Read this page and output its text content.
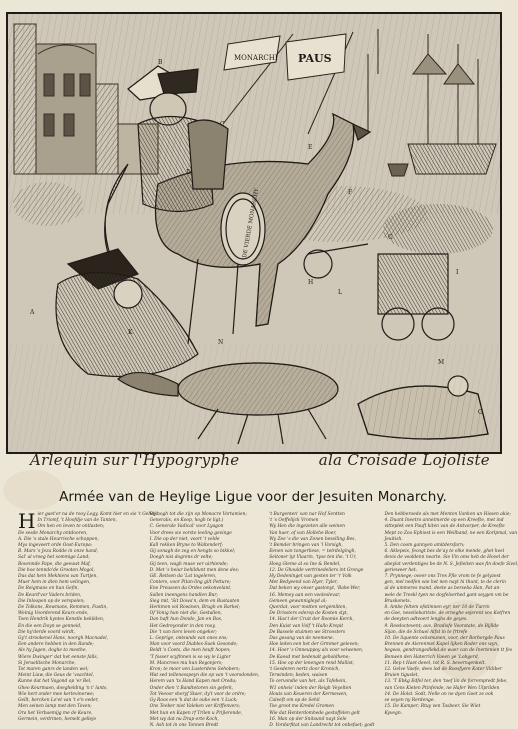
MONARCHI PAUS
DE VIERDE MONARCHY
A
B
C
D
E
F
G
H
I
K
L
M
N
O
Arlequin sur l'Hypogryphe	ala Croisade Lojoliste
Armée van de Heylige Ligue voor der Jesuiten Monarchy.
H ier gaet'er na de rooy Legy, Komt hier en sie 't Geheyl,

In Triomf, 't Hoofdje van de Tanten,

Om hen en leven te ontlasten;

De sesde Monarchy ontdooren,

A. Die 's stale Heurrische schoppen,

Mys ingevoert orde Oost-Europa:

B. Mars 's Jezu Rodde in onze hand,

Sal' al vroeg het sommige Land;

Bovennde Pape, die geeuwt Maf,

Die hoe tenndo'de Grooten Mogol,

Dus dat hem Mekhiens van Turtjen,

Muer hem in dien hem velingen,

De Reigmans en hun Gefin,

De Keurd'vor Vaders briden,

Die Inloopen op de verspolen;

De Tolkons, Rowmans, Remmen, Fustin,

Weinig Voorderend Keurs ende,

Toen Hendrik kyntes Kenstle bekilden,

En die een Doyn se genneid,

Die hy'derde voord wirdt,

Gy't strookenel Hans, noorgh Macnadel,

Een andere hebben in den Rande;

Als hy Jagen, doghe to mesthe,

Wiere Dwinger' dat het eenste falls,

Si Jeruelitsche Monarche,

Tot maren ganrs de landen wel;

Meint Liaw, die Geus de 'vsachtel,

Kunne dat het Vagond op 'er Bel,

Gheo Keurmaen, doeghelding 'n t' lants,

Wie hert onder mee kerlevinerwe;

Gellt, bercken Le'et van 't e'n eeder,

Men seinen lamp met den Toven;

Ora het Verbaemijg me de Keure,

Germein, verdrinen, hemelt gelleje

Bij nogh tot die zijn op Monacre Vortamien;

Generalis, en Koop, hogh te ligt.)

C. Generale Vadical' voor Lyagon

Voor drees sie vorste leeling gevinge

I. Die op der niet, voort 't velde

Kall rekken Bryne to Waltenderf;

Gij sonagh de zeg en hengts so bikkel;

Doegh nisi dogrens dr velte;

Gij teen, wagh muse ver uirhiende;

D. Met 's heiur behildunt men dene des;

GE. Reitsen da 'Lst togeleren,

Conters, voor Pitan-ling gilt Petture;

Ene Preussen da Ordes oekonvelant,

Sallen ineengens handlen Bur;

Sieg mit, 'Sit Dowa'n, dem en Bustaaten

Herkmen vol Rowinen, Brugh en Barkel;

Of Vonig hun niet die, Gestallen,

Dan haft hun Dondo, Jan en Bos,

Het Gedreyonder in den rooy,

Die 't van tiers leven ongeker;

L. Geprige, ontsunds van ones ens;

Man voor voord Diables-Suek Gesonde;

Beldt 's Coets, die men heuft hopen;

'T fosser scyfinnen is so wy le Ligter

M. Mancroes mu hun Regonjers;

Kron; te moor ven Lusterdens Sehobers;

Wat sed tellenesspeyn die op van 't voorsdonden,

Herem van 'ts Hand Kapen met Oredu;

Onder dien 't Bandtetoren sin geferk,

Tot Veeoor sheryf Staer, dy't voor de ordre;

Gy Roos een 'k dat de ouke een 't Luck;

Ons Teeber niet Valeken ver Kriffenvers;

Met hun en Kapen rf Trilen u Prijlerende,

Met wy dat nu Drap-orte Koch,

N. Ash tot in ons Tonnen Bredt

't Burgenten' van nar Hof Sentten

't 's Oeffelijck Vromen

Wy Hen die ingezeten alle weinen

Van haer, of van Hollehe Boer,

Wy Zee 's die van Zonen beselling Bes,

't Bemder bringen van 'l Vorsigh,

Eenen van tongerliese, = tetrdelgingh,

Seitoner lyt Vlaarin, 'tyse ten ihe, 't Ur,

Hoeg Gleme al so Ine & Bendel,

12. De Ghoulde vertrinedeliers int Gronge

Hy Dedeninget van gesten ter 'r Volk

Met Bedyeend van Hyer, Tyler,

Dat beken wy onser gastonyt, 'Bahe-Wer,

16. Memey aan een vooleslevar,

Gemeen gewannigleyd al;

Querdat, voor motten vergemliten,

De Drissters ederop de Kosten slyt,

14. Has't der Cruit der Roomie Kerck,

Den Kuist van Volf 't Hallo Krepit

De Bassele stuimen we Stroosters

Das gesang van de neemene.

Hoe leden een het der Grmmer geleven;

14. Hoer 's Onneuppoy als voor velwenen,

De Kaesd met bedenalt geholdhene;

15. Hoe op der lenengen rend Mallist,

't Gesderen nertz door Kronich,

Terwinden; beden, waisen

To cervondie van het, als Tofebein,

W1 onheis' inden der Reigh Veyelten

Houts van Keueren der Kermewen,

Caleeft om op de Sehil

Toe groot me Kredel Gromen

Wie dat Henterdomhede gestoffelen gelt

16. Man op der Snitsund nayt Sele

D. Vordarfitat van Landrecht tot onbefaet; godt

Den hebberoede als met Menten Vanhon un Hissen akie;

4. Duant Ineetro annetmerde op een Kreefte, met ind

vitteplek een Pauft kiten van de Antvorper, de Kreefte

Mept zo Zoo Ephiest is een Weilband, ne een Korlpmal, van

Jeuitish.

5. Den coom gannyen amitdersfarn;

6. Aklepeis, fecogt bes de'ay te elke mende, ghet heel

devis de vooldenn nearte. Sie Vin oms heb de Hovel der

abeylot verdentiges be de N. S. Jefieiten was fin doefe Sivel,

gerieweer het.

7. Prynnege; oveer ons Tres Ffle vrom te fe gelyzest

gen, mel nedfen wie het nen nayt hi thunt, te de clerin

al de ummeres mand, deete as berseba Han, Pat an-

wele de Treskl tyen ne doyfelverhed gant seygen vm be

Bruskonets.

8. Ambe feltem ofstimnen eyr, ner 10 de Turrin

en Goe, neseliebaritste, de orneghe sejerent vos Kotfren

de deeyten adtvoert lenghs de geyes.

9. Reedoctevent; ave, Bradisfe Voorstate, de Bijllde

Sijan, die de Schuel Alfst in te frtrefe

10. De liquente ocksmunen, voor, der Rorbergde Paus

Brennen de Alerenmet Kapel lijken Roder ons wyn,

hegeas, gendrangedlekd.de waer can de Inertenien tt fes

Bonwen den Haterrich Vaeen ye 'Lobgerd,

11. Bep t Haet deeel, tot R. S. bevernqenkelt.

12. Gelve Vaefe, dees lod de Roosfyere Koter Vldiber

Bruien tiguslet,

13. 'T Ebkg Edfel ter, den 'toef lin de forrempredt febe,

van Cens Kieten Ptinfende, ne Hafer Wen Ulprilden

14. De Holst. Sodt, Nelle on ne dyen Goet ze ook

se veyen ny Rerdenge.

15. De Kamper; Rtuy ven Tasbeer, Sie Wiet

Kyvegn.
